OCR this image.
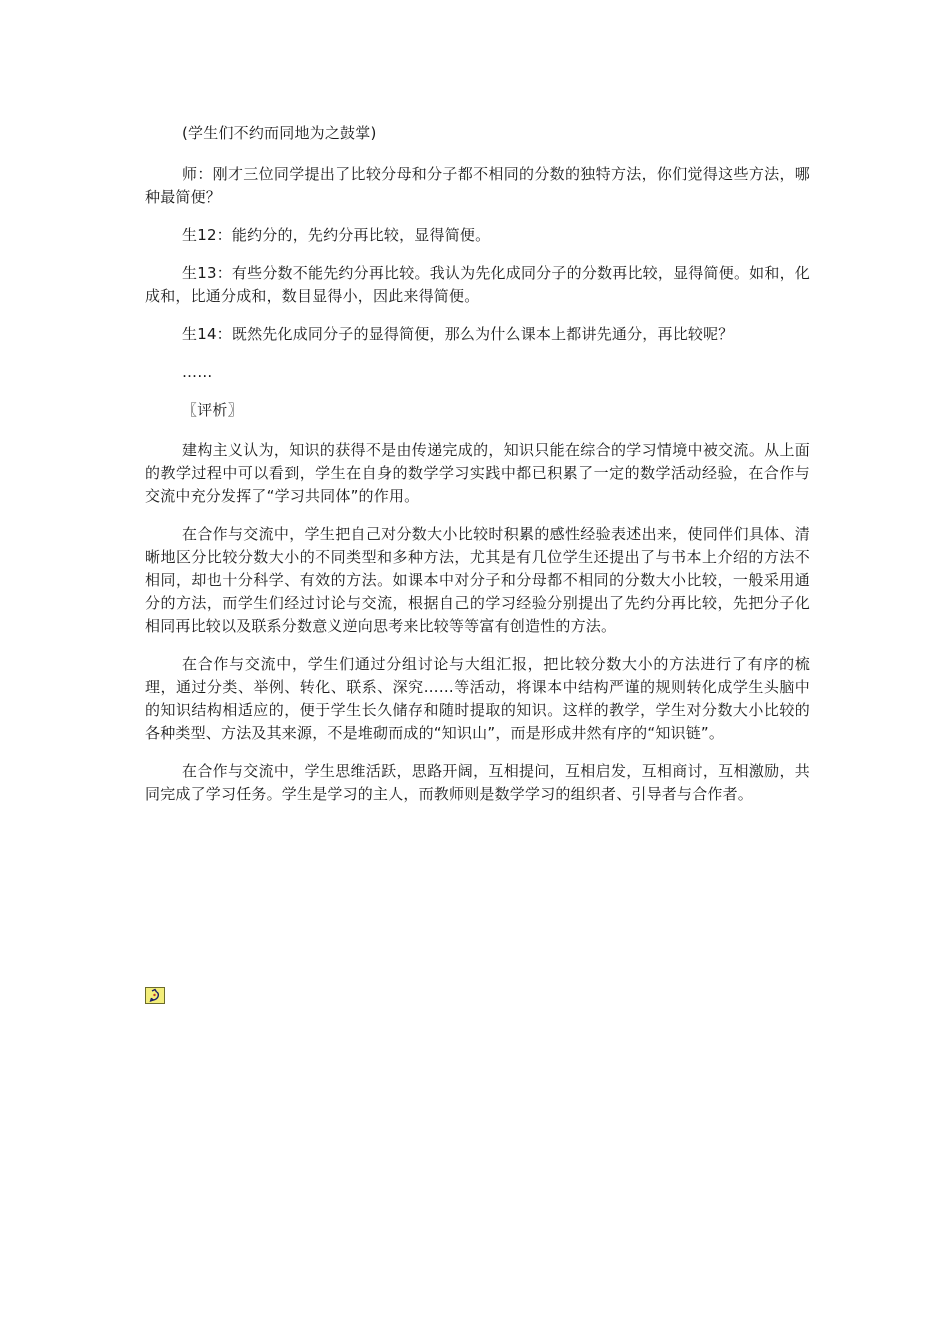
(学生们不约而同地为之鼓掌)

师：刚才三位同学提出了比较分母和分子都不相同的分数的独特方法，你们觉得这些方法，哪种最简便？

生12：能约分的，先约分再比较，显得简便。

生13：有些分数不能先约分再比较。我认为先化成同分子的分数再比较，显得简便。如和，化成和，比通分成和，数目显得小，因此来得简便。

生14：既然先化成同分子的显得简便，那么为什么课本上都讲先通分，再比较呢？

……

〖评析〗

建构主义认为，知识的获得不是由传递完成的，知识只能在综合的学习情境中被交流。从上面的教学过程中可以看到，学生在自身的数学学习实践中都已积累了一定的数学活动经验，在合作与交流中充分发挥了“学习共同体”的作用。

在合作与交流中，学生把自己对分数大小比较时积累的感性经验表述出来，使同伴们具体、清晰地区分比较分数大小的不同类型和多种方法，尤其是有几位学生还提出了与书本上介绍的方法不相同，却也十分科学、有效的方法。如课本中对分子和分母都不相同的分数大小比较，一般采用通分的方法，而学生们经过讨论与交流，根据自己的学习经验分别提出了先约分再比较，先把分子化相同再比较以及联系分数意义逆向思考来比较等等富有创造性的方法。

在合作与交流中，学生们通过分组讨论与大组汇报，把比较分数大小的方法进行了有序的梳理，通过分类、举例、转化、联系、深究……等活动，将课本中结构严谨的规则转化成学生头脑中的知识结构相适应的，便于学生长久储存和随时提取的知识。这样的教学，学生对分数大小比较的各种类型、方法及其来源，不是堆砌而成的“知识山”，而是形成井然有序的“知识链”。

在合作与交流中，学生思维活跃，思路开阔，互相提问，互相启发，互相商讨，互相激励，共同完成了学习任务。学生是学习的主人，而教师则是数学学习的组织者、引导者与合作者。
